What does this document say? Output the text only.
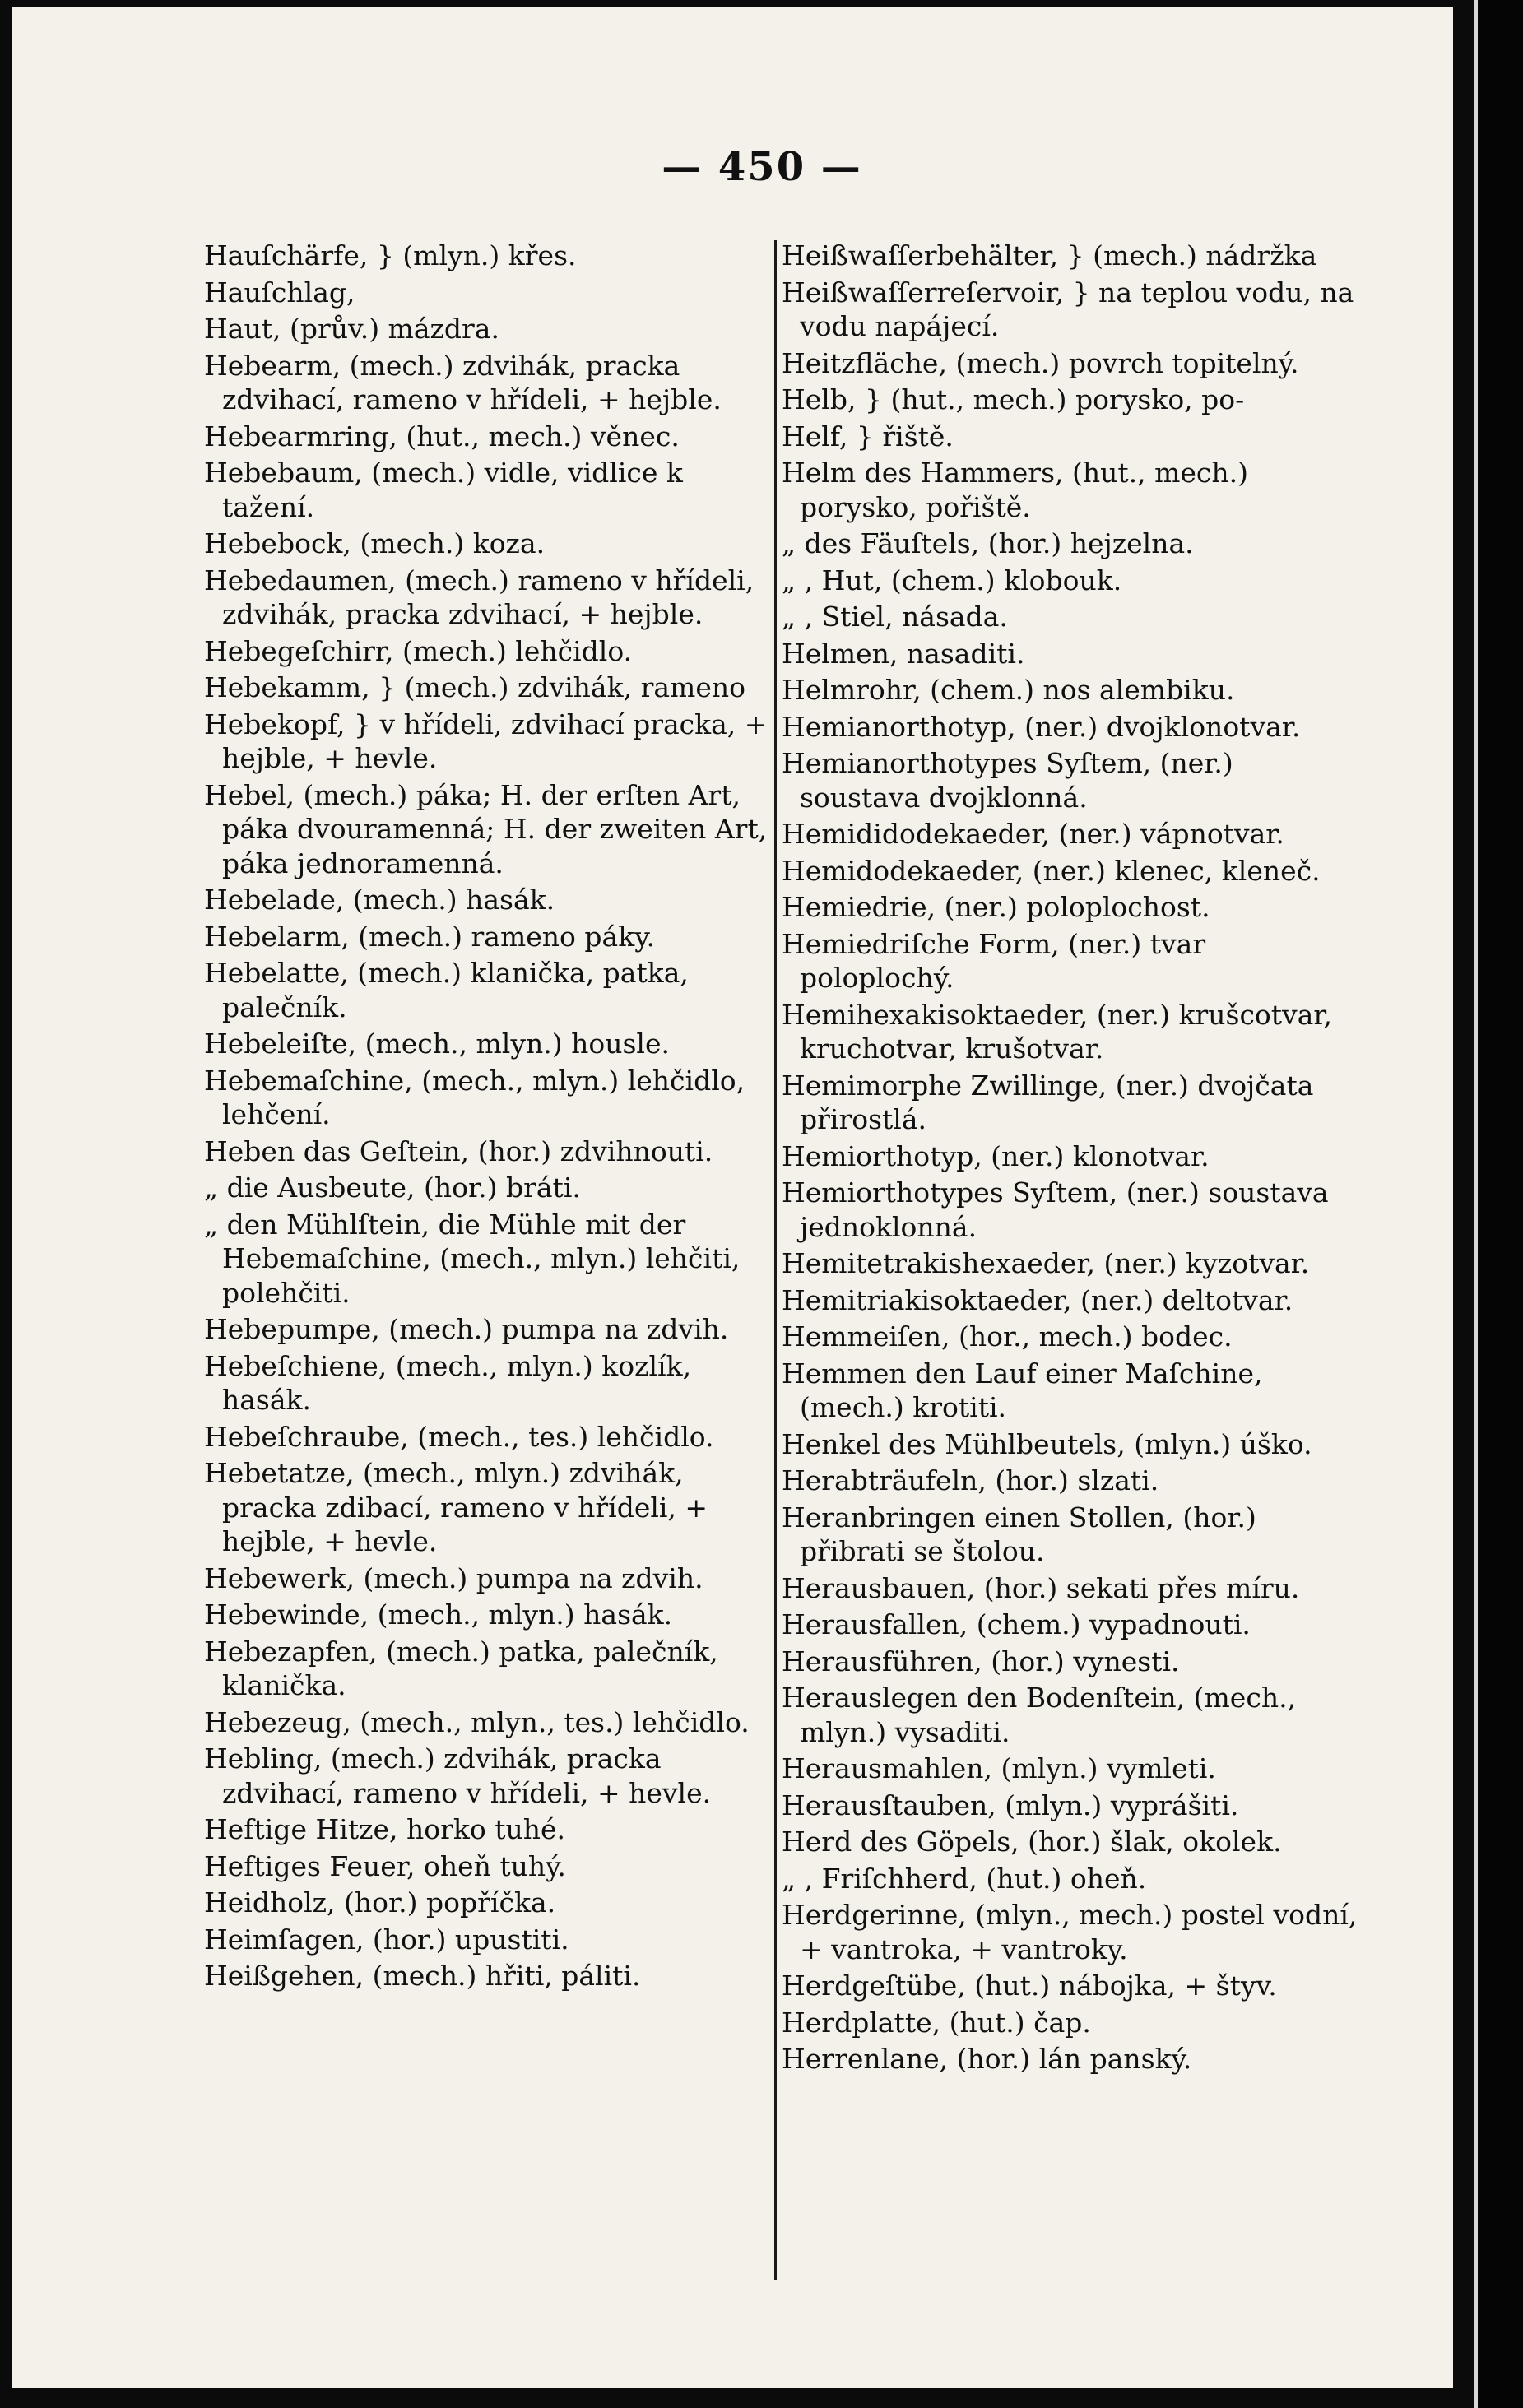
— 450 —
Hauſchärfe, } (mlyn.) křes.
Hauſchlag,
Haut, (prův.) mázdra.
Hebearm, (mech.) zdvihák, pracka zdvihací, rameno v hřídeli, + hejble.
Hebearmring, (hut., mech.) věnec.
Hebebaum, (mech.) vidle, vidlice k tažení.
Hebebock, (mech.) koza.
Hebedaumen, (mech.) rameno v hřídeli, zdvihák, pracka zdvihací, + hejble.
Hebegeſchirr, (mech.) lehčidlo.
Hebekamm, } (mech.) zdvihák, rameno
Hebekopf, } v hřídeli, zdvihací pracka, + hejble, + hevle.
Hebel, (mech.) páka; H. der erſten Art, páka dvouramenná; H. der zweiten Art, páka jednoramenná.
Hebelade, (mech.) hasák.
Hebelarm, (mech.) rameno páky.
Hebelatte, (mech.) klanička, patka, palečník.
Hebeleiſte, (mech., mlyn.) housle.
Hebemaſchine, (mech., mlyn.) lehčidlo, lehčení.
Heben das Geſtein, (hor.) zdvihnouti.
„ die Ausbeute, (hor.) bráti.
„ den Mühlſtein, die Mühle mit der Hebemaſchine, (mech., mlyn.) lehčiti, polehčiti.
Hebepumpe, (mech.) pumpa na zdvih.
Hebeſchiene, (mech., mlyn.) kozlík, hasák.
Hebeſchraube, (mech., tes.) lehčidlo.
Hebetatze, (mech., mlyn.) zdvihák, pracka zdibací, rameno v hřídeli, + hejble, + hevle.
Hebewerk, (mech.) pumpa na zdvih.
Hebewinde, (mech., mlyn.) hasák.
Hebezapfen, (mech.) patka, palečník, klanička.
Hebezeug, (mech., mlyn., tes.) lehčidlo.
Hebling, (mech.) zdvihák, pracka zdvihací, rameno v hřídeli, + hevle.
Heftige Hitze, horko tuhé.
Heftiges Feuer, oheň tuhý.
Heidholz, (hor.) popříčka.
Heimſagen, (hor.) upustiti.
Heißgehen, (mech.) hřiti, páliti.
Heißwaſſerbehälter, } (mech.) nádržka
Heißwaſſerreſervoir, } na teplou vodu, na vodu napájecí.
Heitzfläche, (mech.) povrch topitelný.
Helb, } (hut., mech.) porysko, po-
Helf, } řiště.
Helm des Hammers, (hut., mech.) porysko, pořiště.
„ des Fäuſtels, (hor.) hejzelna.
„ , Hut, (chem.) klobouk.
„ , Stiel, násada.
Helmen, nasaditi.
Helmrohr, (chem.) nos alembiku.
Hemianorthotyp, (ner.) dvojklonotvar.
Hemianorthotypes Syſtem, (ner.) soustava dvojklonná.
Hemididodekaeder, (ner.) vápnotvar.
Hemidodekaeder, (ner.) klenec, kleneč.
Hemiedrie, (ner.) poloplochost.
Hemiedriſche Form, (ner.) tvar poloplochý.
Hemihexakisoktaeder, (ner.) krušcotvar, kruchotvar, krušotvar.
Hemimorphe Zwillinge, (ner.) dvojčata přirostlá.
Hemiorthotyp, (ner.) klonotvar.
Hemiorthotypes Syſtem, (ner.) soustava jednoklonná.
Hemitetrakishexaeder, (ner.) kyzotvar.
Hemitriakisoktaeder, (ner.) deltotvar.
Hemmeiſen, (hor., mech.) bodec.
Hemmen den Lauf einer Maſchine, (mech.) krotiti.
Henkel des Mühlbeutels, (mlyn.) úško.
Herabträufeln, (hor.) slzati.
Heranbringen einen Stollen, (hor.) přibrati se štolou.
Herausbauen, (hor.) sekati přes míru.
Herausfallen, (chem.) vypadnouti.
Herausführen, (hor.) vynesti.
Herauslegen den Bodenſtein, (mech., mlyn.) vysaditi.
Herausmahlen, (mlyn.) vymleti.
Herausſtauben, (mlyn.) vyprášiti.
Herd des Göpels, (hor.) šlak, okolek.
„ , Friſchherd, (hut.) oheň.
Herdgerinne, (mlyn., mech.) postel vodní, + vantroka, + vantroky.
Herdgeſtübe, (hut.) nábojka, + štyv.
Herdplatte, (hut.) čap.
Herrenlane, (hor.) lán panský.
